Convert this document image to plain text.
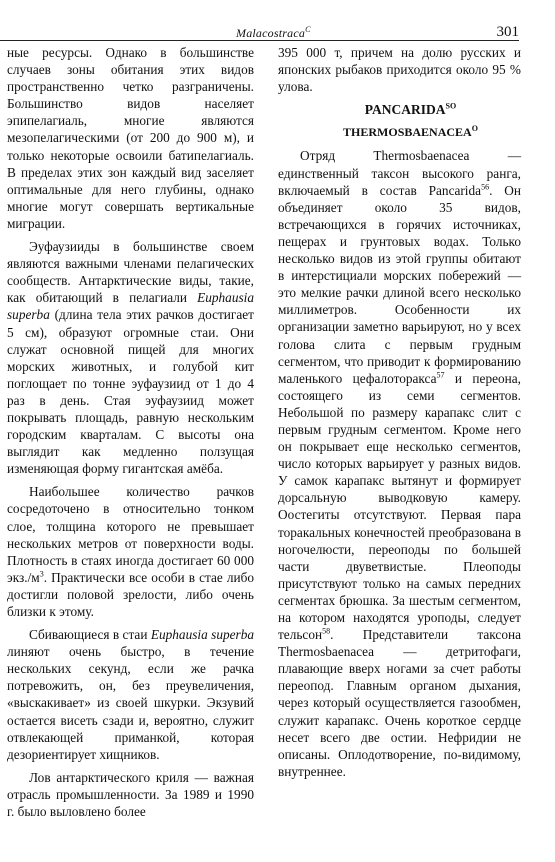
Malacostraca$^C$	301

ные ресурсы. Однако в большинстве случаев зоны обитания этих видов пространственно четко разграничены. Большинство видов населяет эпипелагиаль, многие являются мезопелагическими (от 200 до 900 м), и только некоторые освоили батипелагиаль. В пределах этих зон каждый вид заселяет оптимальные для него глубины, однако многие могут совершать вертикальные миграции.

Эуфаузииды в большинстве своем являются важными членами пелагических сообществ. Антарктические виды, такие, как обитающий в пелагиали Euphausia superba (длина тела этих рачков достигает 5 см), образуют огромные стаи. Они служат основной пищей для многих морских животных, и голубой кит поглощает по тонне эуфаузиид от 1 до 4 раз в день. Стая эуфаузиид может покрывать площадь, равную нескольким городским кварталам. С высоты она выглядит как медленно ползущая изменяющая форму гигантская амёба.

Наибольшее количество рачков сосредоточено в относительно тонком слое, толщина которого не превышает нескольких метров от поверхности воды. Плотность в стаях иногда достигает 60 000 $экз./м^3$. Практически все особи в стае либо достигли половой зрелости, либо очень близки к этому.

Сбивающиеся в стаи Euphausia superba линяют очень быстро, в течение нескольких секунд, если же рачка потревожить, он, без преувеличения, «выскакивает» из своей шкурки. Экзувий остается висеть сзади и, вероятно, служит отвлекающей приманкой, которая дезориентирует хищников.

Лов антарктического криля — важная отрасль промышленности. За 1989 и 1990 г. было выловлено более

395 000 т, причем на долю русских и японских рыбаков приходится около 95 % улова.

$PANCARIDA^{SO}$

$THERMOSBAENACEA^O$

Отряд Thermosbaenacea — единственный таксон высокого ранга, включаемый в состав Pancarida$^{56}$. Он объединяет около 35 видов, встречающихся в горячих источниках, пещерах и грунтовых водах. Только несколько видов из этой группы обитают в интерстициали морских побережий — это мелкие рачки длиной всего несколько миллиметров. Особенности их организации заметно варьируют, но у всех голова слита с первым грудным сегментом, что приводит к формированию маленького цефалоторакса$^{57}$ и переона, состоящего из семи сегментов. Небольшой по размеру карапакс слит с первым грудным сегментом. Кроме него он покрывает еще несколько сегментов, число которых варьирует у разных видов. У самок карапакс вытянут и формирует дорсальную выводковую камеру. Оостегиты отсутствуют. Первая пара торакальных конечностей преобразована в ногочелюсти, переоподы по большей части двуветвистые. Плеоподы присутствуют только на самых передних сегментах брюшка. За шестым сегментом, на котором находятся уроподы, следует тельсон$^{58}$. Представители таксона Thermosbaenacea — детритофаги, плавающие вверх ногами за счет работы переопод. Главным органом дыхания, через который осуществляется газообмен, служит карапакс. Очень короткое сердце несет всего две остии. Нефридии не описаны. Оплодотворение, по-видимому, внутреннее.
